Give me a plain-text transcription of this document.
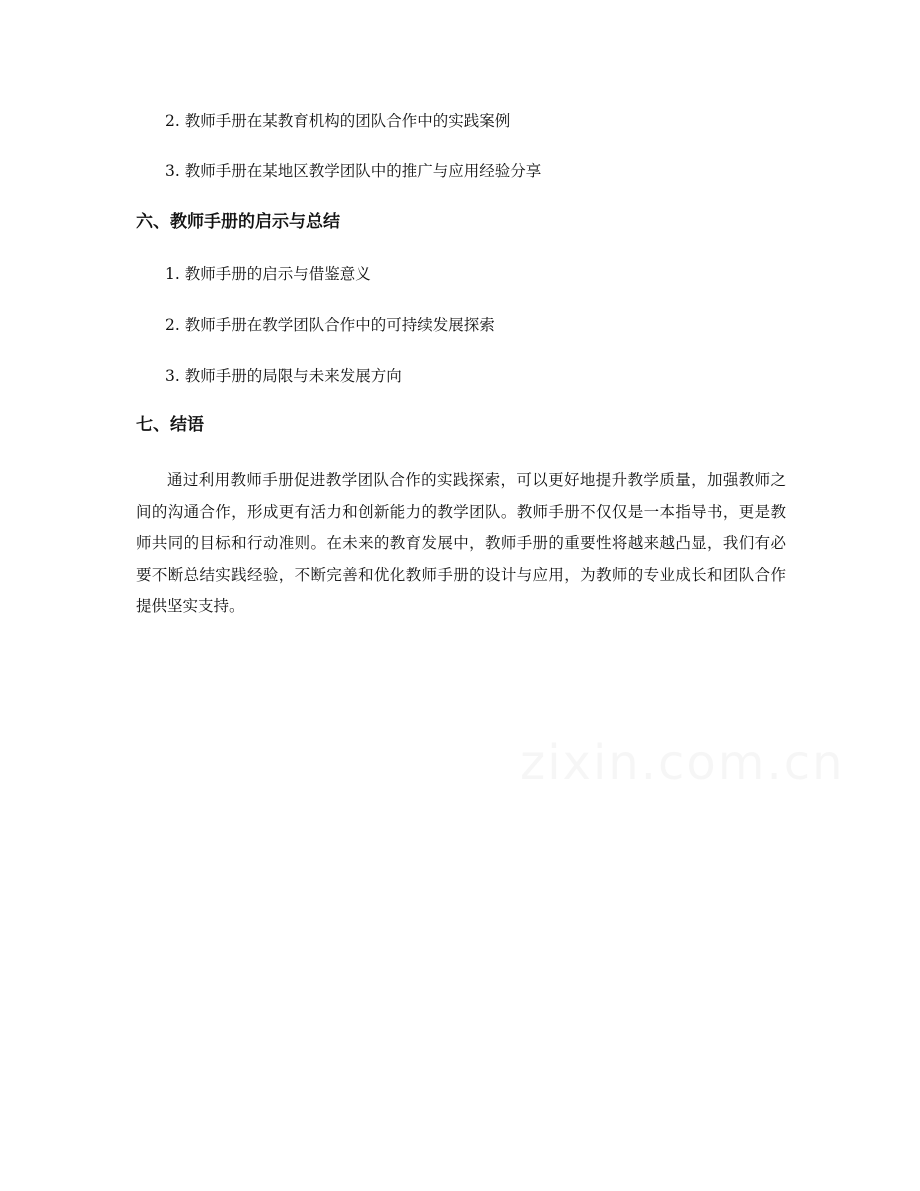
2. 教师手册在某教育机构的团队合作中的实践案例
3. 教师手册在某地区教学团队中的推广与应用经验分享
六、教师手册的启示与总结
1. 教师手册的启示与借鉴意义
2. 教师手册在教学团队合作中的可持续发展探索
3. 教师手册的局限与未来发展方向
七、结语

通过利用教师手册促进教学团队合作的实践探索，可以更好地提升教学质量，加强教师之间的沟通合作，形成更有活力和创新能力的教学团队。教师手册不仅仅是一本指导书，更是教师共同的目标和行动准则。在未来的教育发展中，教师手册的重要性将越来越凸显，我们有必要不断总结实践经验，不断完善和优化教师手册的设计与应用，为教师的专业成长和团队合作提供坚实支持。
